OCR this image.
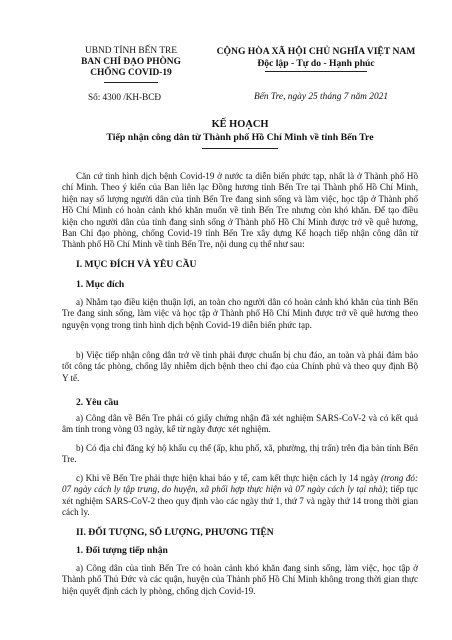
UBND TỈNH BẾN TRE
BAN CHỈ ĐẠO PHÒNG
CHỐNG COVID-19
Số: 4300 /KH-BCĐ
CỘNG HÒA XÃ HỘI CHỦ NGHĨA VIỆT NAM
Độc lập - Tự do - Hạnh phúc
Bến Tre, ngày 25 tháng 7 năm 2021
KẾ HOẠCH
Tiếp nhận công dân từ Thành phố Hồ Chí Minh về tỉnh Bến Tre
Căn cứ tình hình dịch bệnh Covid-19 ở nước ta diễn biến phức tạp, nhất là ở Thành phố Hồ chí Minh. Theo ý kiến của Ban liên lạc Đồng hương tỉnh Bến Tre tại Thành phố Hồ Chí Minh, hiện nay số lượng người dân của tỉnh Bến Tre đang sinh sống và làm việc, học tập ở Thành phố Hồ Chí Minh có hoàn cảnh khó khăn muốn về tỉnh Bến Tre nhưng còn khó khăn. Để tạo điều kiện cho người dân của tỉnh đang sinh sống ở Thành phố Hồ Chí Minh được trở về quê hương, Ban Chỉ đạo phòng, chống Covid-19 tỉnh Bến Tre xây dựng Kế hoạch tiếp nhận công dân từ Thành phố Hồ Chí Minh về tỉnh Bến Tre, nội dung cụ thể như sau:
I. MỤC ĐÍCH VÀ YÊU CẦU
1. Mục đích
a) Nhằm tạo điều kiện thuận lợi, an toàn cho người dân có hoàn cảnh khó khăn của tỉnh Bến Tre đang sinh sống, làm việc và học tập ở Thành phố Hồ Chí Minh được trở về quê hương theo nguyện vọng trong tình hình dịch bệnh Covid-19 diễn biến phức tạp.
b) Việc tiếp nhận công dân trở về tỉnh phải được chuẩn bị chu đáo, an toàn và phải đảm bảo tốt công tác phòng, chống lây nhiễm dịch bệnh theo chỉ đạo của Chính phủ và theo quy định Bộ Y tế.
2. Yêu cầu
a) Công dân về Bến Tre phải có giấy chứng nhận đã xét nghiệm SARS-CoV-2 và có kết quả âm tính trong vòng 03 ngày, kể từ ngày được xét nghiệm.
b) Có địa chỉ đăng ký hộ khẩu cụ thể (ấp, khu phố, xã, phường, thị trấn) trên địa bàn tỉnh Bến Tre.
c) Khi về Bến Tre phải thực hiện khai báo y tế, cam kết thực hiện cách ly 14 ngày (trong đó: 07 ngày cách ly tập trung, do huyện, xã phối hợp thực hiện và 07 ngày cách ly tại nhà); tiếp tục xét nghiệm SARS-CoV-2 theo quy định vào các ngày thứ 1, thứ 7 và ngày thứ 14 trong thời gian cách ly.
II. ĐỐI TƯỢNG, SỐ LƯỢNG, PHƯƠNG TIỆN
1. Đối tượng tiếp nhận
a) Công dân của tỉnh Bến Tre có hoàn cảnh khó khăn đang sinh sống, làm việc, học tập ở Thành phố Thủ Đức và các quận, huyện của Thành phố Hồ Chí Minh không trong thời gian thực hiện quyết định cách ly phòng, chống dịch Covid-19.
